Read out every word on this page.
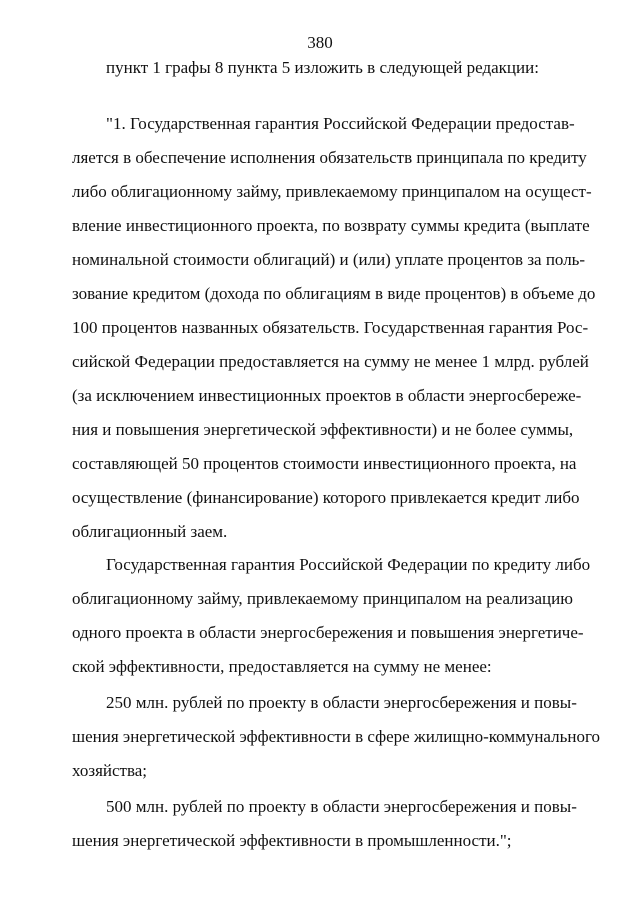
380
пункт 1 графы 8 пункта 5 изложить в следующей редакции:
"1. Государственная гарантия Российской Федерации предостав-
ляется в обеспечение исполнения обязательств принципала по кредиту
либо облигационному займу, привлекаемому принципалом на осущест-
вление инвестиционного проекта, по возврату суммы кредита (выплате
номинальной стоимости облигаций) и (или) уплате процентов за поль-
зование кредитом (дохода по облигациям в виде процентов) в объеме до
100 процентов названных обязательств. Государственная гарантия Рос-
сийской Федерации предоставляется на сумму не менее 1 млрд. рублей
(за исключением инвестиционных проектов в области энергосбереже-
ния и повышения энергетической эффективности) и не более суммы,
составляющей 50 процентов стоимости инвестиционного проекта, на
осуществление (финансирование) которого привлекается кредит либо
облигационный заем.
Государственная гарантия Российской Федерации по кредиту либо
облигационному займу, привлекаемому принципалом на реализацию
одного проекта в области энергосбережения и повышения энергетиче-
ской эффективности, предоставляется на сумму не менее:
250 млн. рублей по проекту в области энергосбережения и повы-
шения энергетической эффективности в сфере жилищно-коммунального
хозяйства;
500 млн. рублей по проекту в области энергосбережения и повы-
шения энергетической эффективности в промышленности.";
